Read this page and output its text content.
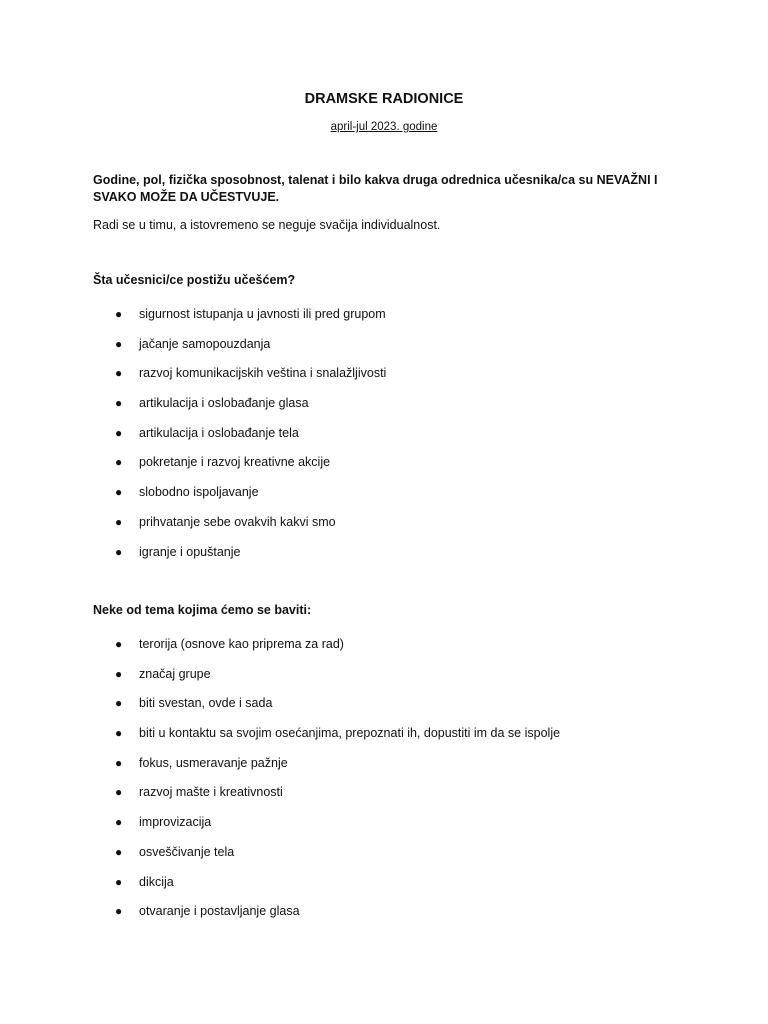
DRAMSKE RADIONICE
april-jul 2023. godine
Godine, pol, fizička sposobnost, talenat i bilo kakva druga odrednica učesnika/ca su NEVAŽNI I SVAKO MOŽE DA UČESTVUJE.
Radi se u timu, a istovremeno se neguje svačija individualnost.
Šta učesnici/ce postižu učešćem?
● sigurnost istupanja u javnosti ili pred grupom
● jačanje samopouzdanja
● razvoj komunikacijskih veština i snalažljivosti
● artikulacija i oslobađanje glasa
● artikulacija i oslobađanje tela
● pokretanje i razvoj kreativne akcije
● slobodno ispoljavanje
● prihvatanje sebe ovakvih kakvi smo
● igranje i opuštanje
Neke od tema kojima ćemo se baviti:
● terorija (osnove kao priprema za rad)
● značaj grupe
● biti svestan, ovde i sada
● biti u kontaktu sa svojim osećanjima, prepoznati ih, dopustiti im da se ispolje
● fokus, usmeravanje pažnje
● razvoj mašte i kreativnosti
● improvizacija
● osveščivanje tela
● dikcija
● otvaranje i postavljanje glasa
